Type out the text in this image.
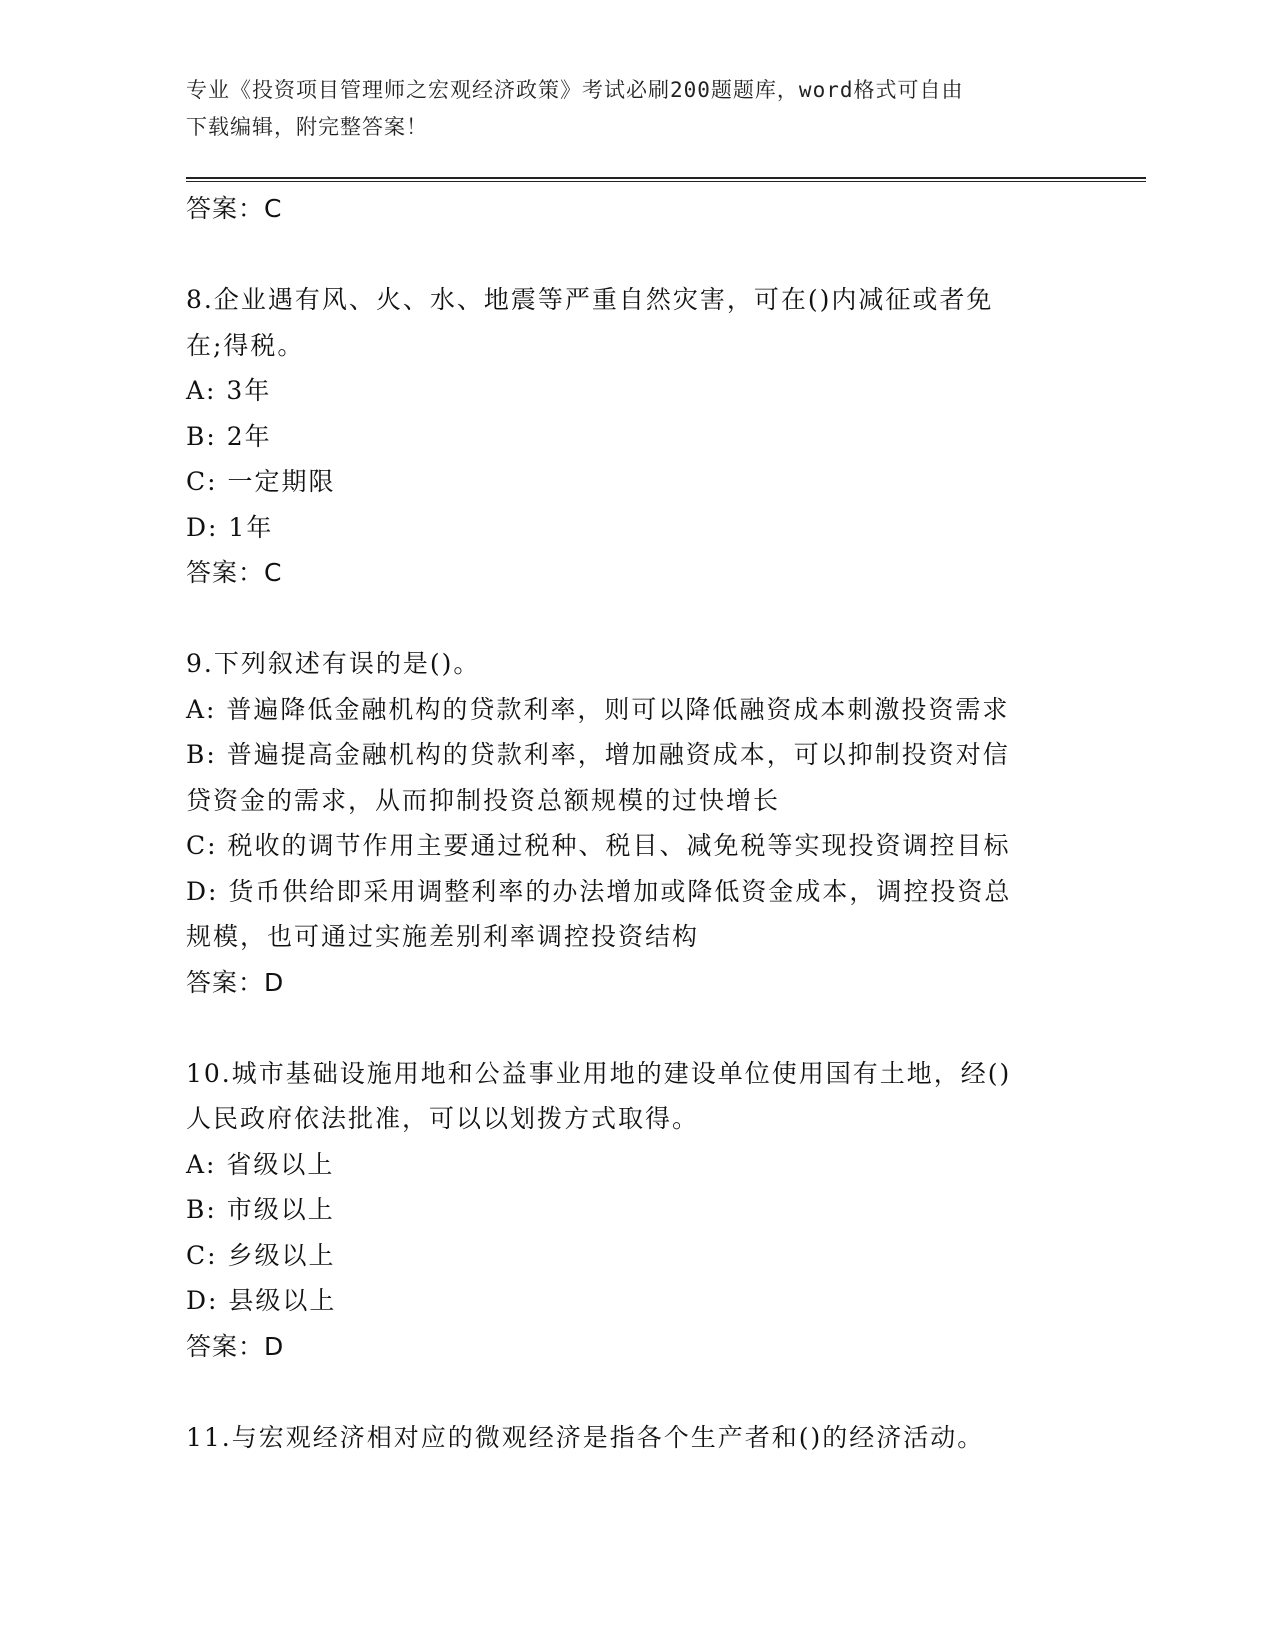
专业《投资项目管理师之宏观经济政策》考试必刷200题题库，word格式可自由
下载编辑，附完整答案！
答案：C
8.企业遇有风、火、水、地震等严重自然灾害，可在()内减征或者免
在;得税。
A: 3年
B: 2年
C: 一定期限
D: 1年
答案：C
9.下列叙述有误的是()。
A: 普遍降低金融机构的贷款利率，则可以降低融资成本刺激投资需求
B: 普遍提高金融机构的贷款利率，增加融资成本，可以抑制投资对信
贷资金的需求，从而抑制投资总额规模的过快增长
C: 税收的调节作用主要通过税种、税目、减免税等实现投资调控目标
D: 货币供给即采用调整利率的办法增加或降低资金成本，调控投资总
规模，也可通过实施差别利率调控投资结构
答案：D
10.城市基础设施用地和公益事业用地的建设单位使用国有土地，经()
人民政府依法批准，可以以划拨方式取得。
A: 省级以上
B: 市级以上
C: 乡级以上
D: 县级以上
答案：D
11.与宏观经济相对应的微观经济是指各个生产者和()的经济活动。
